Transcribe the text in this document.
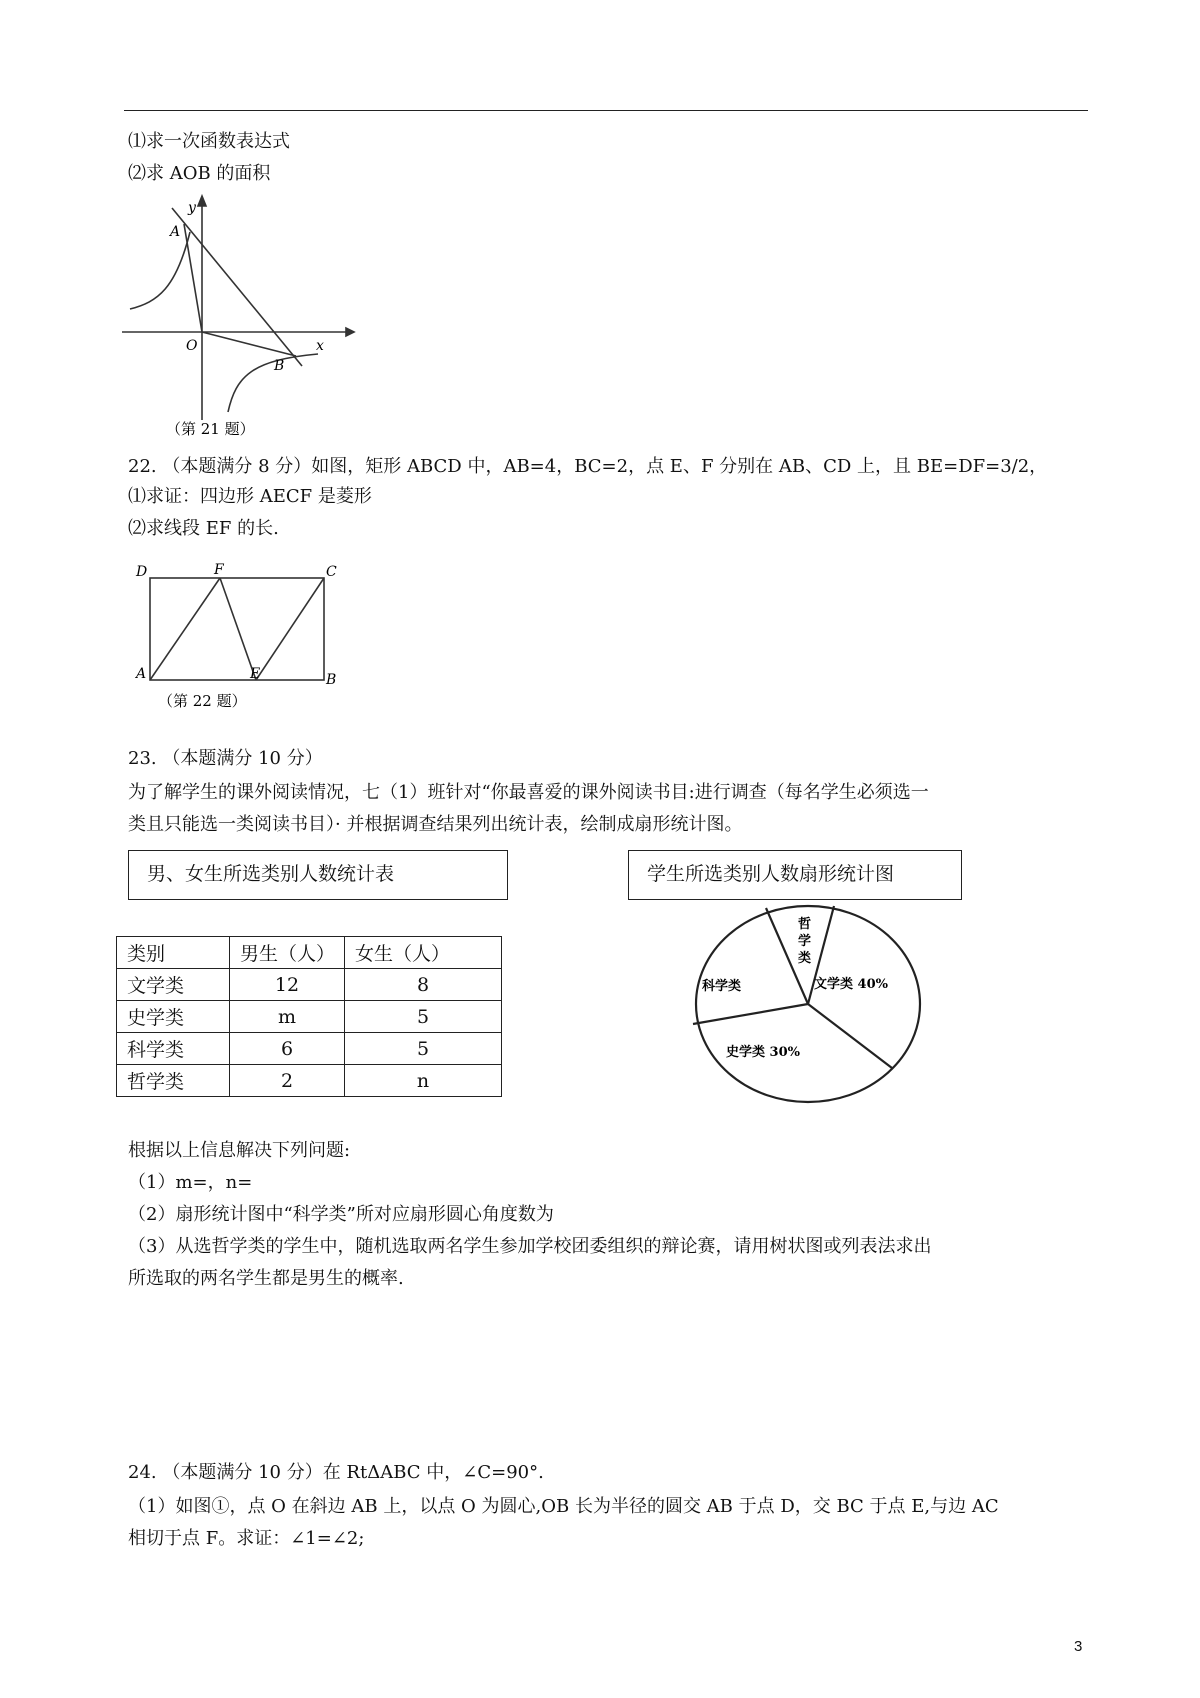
⑴求一次函数表达式
⑵求 AOB 的面积
y
x
O
A
B
（第 21 题）
22. （本题满分 8 分）如图，矩形 ABCD 中，AB=4，BC=2，点 E、F 分别在 AB、CD 上，且 BE=DF=3/2，
⑴求证：四边形 AECF 是菱形
⑵求线段 EF 的长.
D	F	C
A	E	B
（第 22 题）
23. （本题满分 10 分）
为了解学生的课外阅读情况，七（1）班针对“你最喜爱的课外阅读书目:进行调查（每名学生必须选一
类且只能选一类阅读书目）· 并根据调查结果列出统计表，绘制成扇形统计图。
男、女生所选类别人数统计表	学生所选类别人数扇形统计图
类别	男生（人）	女生（人）
文学类	12	8
史学类	m	5
科学类	6	5
哲学类	2	n
哲
学
类
科学类	文学类 40%
史学类 30%
根据以上信息解决下列问题:
（1）m=，n=
（2）扇形统计图中“科学类”所对应扇形圆心角度数为
（3）从选哲学类的学生中，随机选取两名学生参加学校团委组织的辩论赛，请用树状图或列表法求出
所选取的两名学生都是男生的概率.
24. （本题满分 10 分）在 RtΔABC 中，∠C=90°.
（1）如图①，点 O 在斜边 AB 上，以点 O 为圆心,OB 长为半径的圆交 AB 于点 D，交 BC 于点 E,与边 AC
相切于点 F。求证：∠1=∠2;
3
